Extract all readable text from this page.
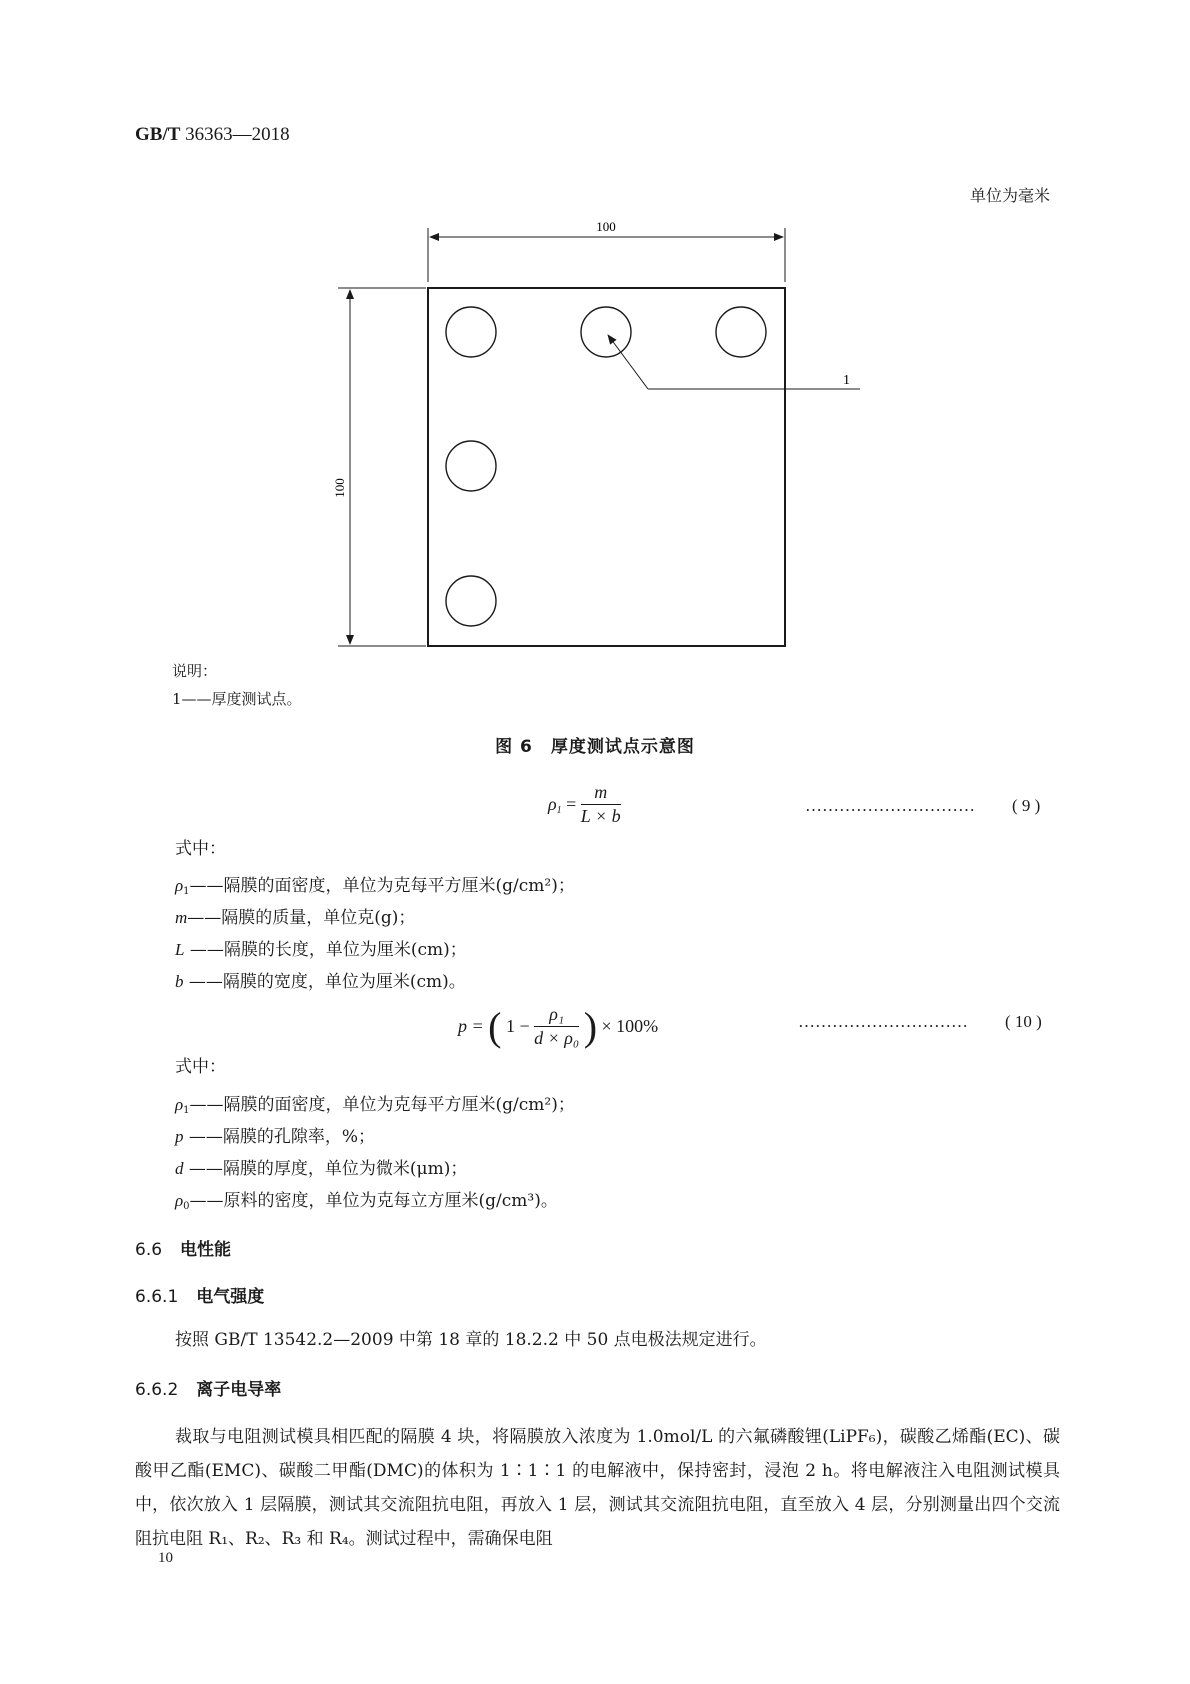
GB/T 36363—2018
单位为毫米
100
100
1
说明：
1——厚度测试点。
图 6　厚度测试点示意图
$\rho_1 = \frac{m}{L \times b}$	………………………… ( 9 )
式中：
$\rho_1——$隔膜的面密度，单位为克每平方厘米(g/cm²)；
m——隔膜的质量，单位克(g)；
L ——隔膜的长度，单位为厘米(cm)；
b ——隔膜的宽度，单位为厘米(cm)。
p = ( $1 - \frac{\text{ρ₁}}{\text{d × ρ₀}}$ ) × 100%	………………………… ( 10 )
式中：
$\rho_1——$隔膜的面密度，单位为克每平方厘米(g/cm²)；
p ——隔膜的孔隙率，%；
d ——隔膜的厚度，单位为微米(μm)；
$\rho_0——$原料的密度，单位为克每立方厘米(g/cm³)。
6.6 电性能
6.6.1 电气强度
按照 GB/T 13542.2—2009 中第 18 章的 18.2.2 中 50 点电极法规定进行。
6.6.2 离子电导率
裁取与电阻测试模具相匹配的隔膜 4 块，将隔膜放入浓度为 1.0mol/L 的六氟磷酸锂(LiPF₆)，碳酸乙烯酯(EC)、碳酸甲乙酯(EMC)、碳酸二甲酯(DMC)的体积为 1∶1∶1 的电解液中，保持密封，浸泡 2 h。将电解液注入电阻测试模具中，依次放入 1 层隔膜，测试其交流阻抗电阻，再放入 1 层，测试其交流阻抗电阻，直至放入 4 层，分别测量出四个交流阻抗电阻 R₁、R₂、R₃ 和 R₄。测试过程中，需确保电阻
10
